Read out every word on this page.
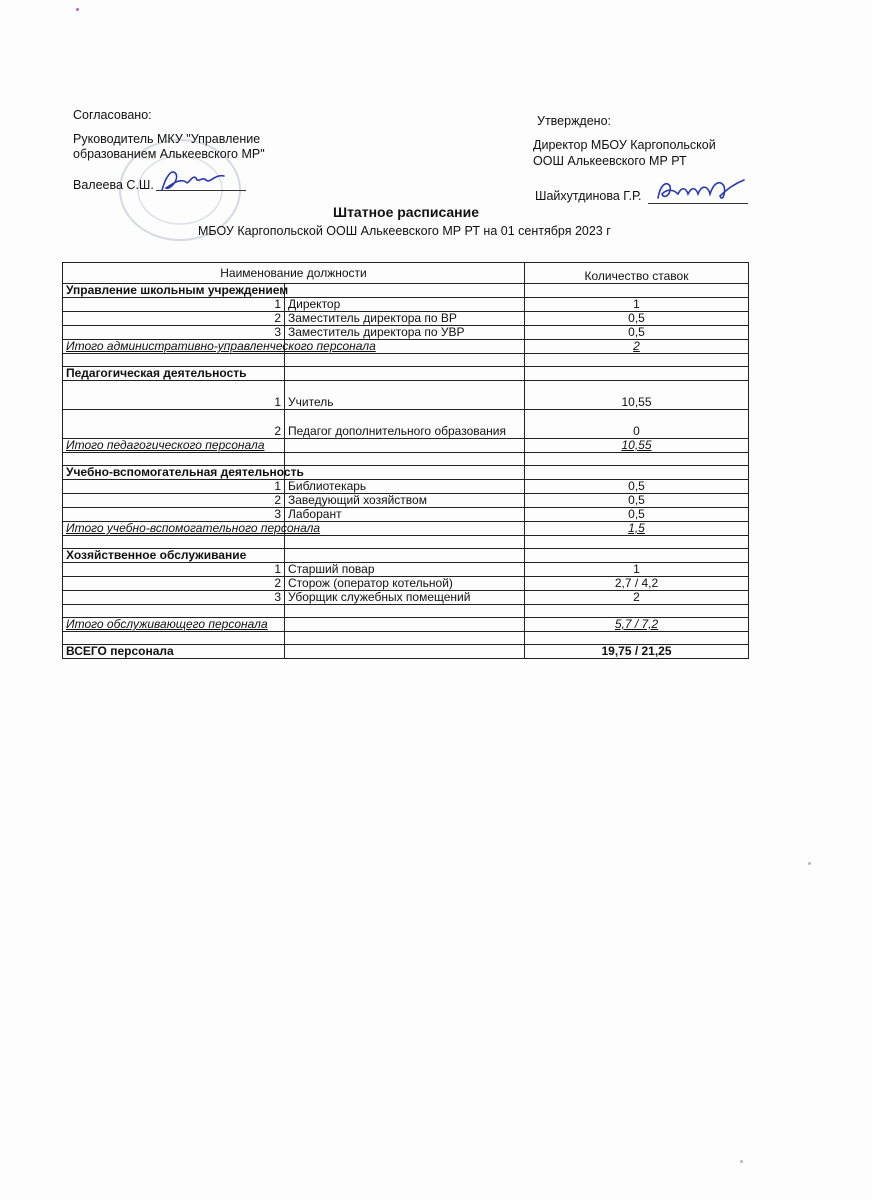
Согласовано:
Руководитель МКУ "Управление
образованием Алькеевского МР"
Валеева С.Ш.
Утверждено:
Директор МБОУ Каргопольской
ООШ Алькеевского МР РТ
Шайхутдинова Г.Р.
Штатное расписание
МБОУ Каргопольской ООШ Алькеевского МР РТ на 01 сентября 2023 г
Наименование должности		Количество ставок
Управление школьным учреждением		
1	Директор	1
2	Заместитель директора по ВР	0,5
3	Заместитель директора по УВР	0,5
Итого административно-управленческого персонала		2

Педагогическая деятельность		
1	Учитель	10,55
2	Педагог дополнительного образования	0
Итого педагогического персонала		10,55

Учебно-вспомогательная деятельность		
1	Библиотекарь	0,5
2	Заведующий хозяйством	0,5
3	Лаборант	0,5
Итого учебно-вспомогательного персонала		1,5

Хозяйственное обслуживание		
1	Старший повар	1
2	Сторож (оператор котельной)	2,7 / 4,2
3	Уборщик служебных помещений	2

Итого обслуживающего персонала		5,7 / 7,2

ВСЕГО персонала		19,75 / 21,25
